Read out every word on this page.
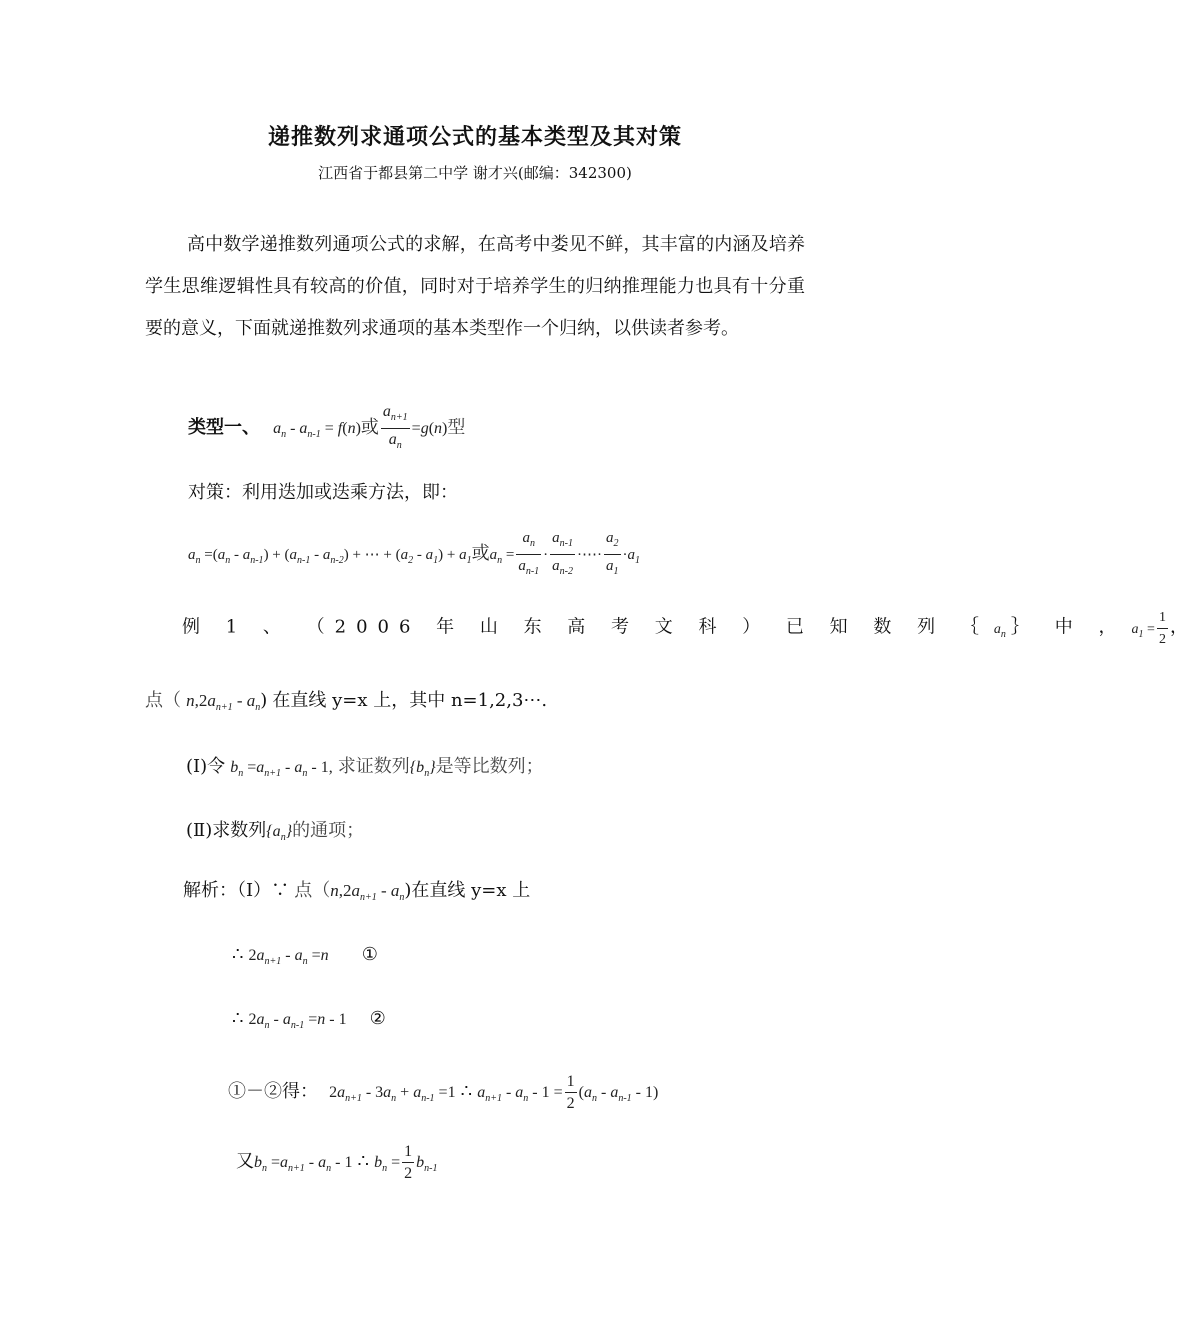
递推数列求通项公式的基本类型及其对策
江西省于都县第二中学 谢才兴(邮编：342300)
高中数学递推数列通项公式的求解，在高考中娄见不鲜，其丰富的内涵及培养学生思维逻辑性具有较高的价值，同时对于培养学生的归纳推理能力也具有十分重要的意义，下面就递推数列求通项的基本类型作一个归纳，以供读者参考。
类型一、 $a_n - a_{n-1} = f(n)$或 $\frac{a_{n+1}}{a_n} =g(n)$型
对策：利用迭加或迭乘方法，即：
$a_n =(a_n - a_{n-1}) + (a_{n-1} - a_{n-2})$ + ⋯ + $(a_2 - a_1) + a_1$或$a_n = \frac{a_n}{a_{n-1}} \cdot \frac{a_{n-1}}{a_{n-2}}$ ·⋯· $\frac{a_2}{a_1} \cdot a_1$
例 1 、 （2006 年 山 东 高 考 文 科 ） 已 知 数 列 ｛ $a_n$ ｝ 中 ， $a_1 = \frac{1}{2}$ ，
点（ $n,2a_{n+1} - a_n$) 在直线 y=x 上，其中 n=1,2,3⋯.
(Ⅰ)令 $b_n =a_{n+1} - a_n - 1$, 求证数列$\{b_n\}$是等比数列；
(Ⅱ)求数列$\{a_n\}$的通项；
解析：（Ⅰ）∵ 点$(n,2a_{n+1} - a_n)$在直线 y=x 上
∴ $2a_{n+1} - a_n =n$ ①
∴ $2a_n - a_{n-1} =n - 1$ ②
①－②得： $2a_{n+1} - 3a_n + a_{n-1} =1$ ∴ $a_{n+1} - a_n - 1 = \frac{1}{2} (a_n - a_{n-1} - 1)$
又$b_n =a_{n+1} - a_n - 1$ ∴ $b_n = \frac{1}{2} b_{n-1}$
